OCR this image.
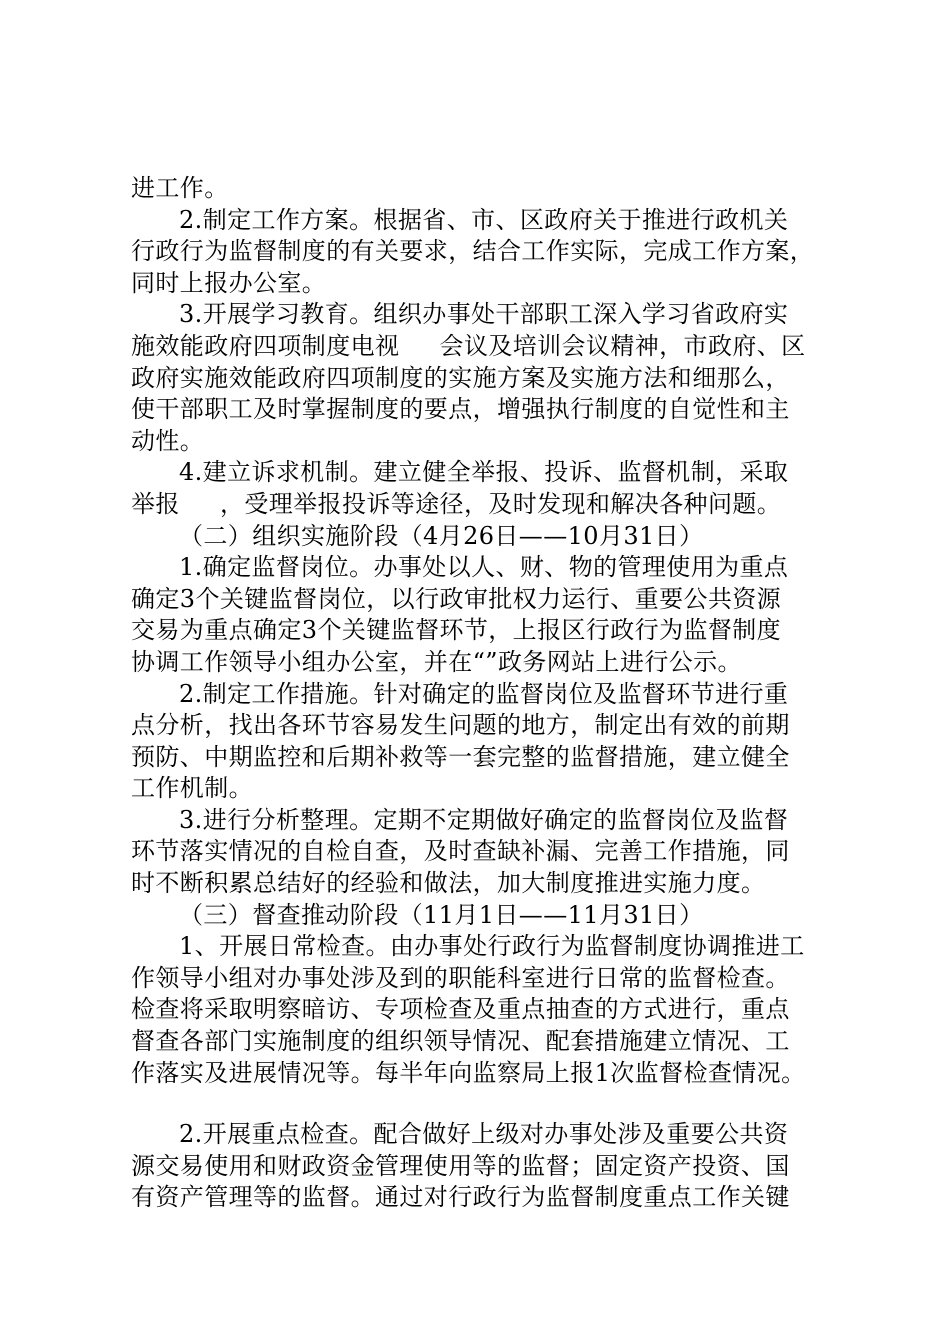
进工作。
2.制定工作方案。根据省、市、区政府关于推进行政机关
行政行为监督制度的有关要求，结合工作实际，完成工作方案，
同时上报办公室。
3.开展学习教育。组织办事处干部职工深入学习省政府实
施效能政府四项制度电视     会议及培训会议精神，市政府、区
政府实施效能政府四项制度的实施方案及实施方法和细那么，
使干部职工及时掌握制度的要点，增强执行制度的自觉性和主
动性。
4.建立诉求机制。建立健全举报、投诉、监督机制，采取
举报     ，受理举报投诉等途径，及时发现和解决各种问题。
（二）组织实施阶段（4月26日——10月31日）
1.确定监督岗位。办事处以人、财、物的管理使用为重点
确定3个关键监督岗位，以行政审批权力运行、重要公共资源
交易为重点确定3个关键监督环节，上报区行政行为监督制度
协调工作领导小组办公室，并在“”政务网站上进行公示。
2.制定工作措施。针对确定的监督岗位及监督环节进行重
点分析，找出各环节容易发生问题的地方，制定出有效的前期
预防、中期监控和后期补救等一套完整的监督措施，建立健全
工作机制。
3.进行分析整理。定期不定期做好确定的监督岗位及监督
环节落实情况的自检自查，及时查缺补漏、完善工作措施，同
时不断积累总结好的经验和做法，加大制度推进实施力度。
（三）督查推动阶段（11月1日——11月31日）
1、开展日常检查。由办事处行政行为监督制度协调推进工
作领导小组对办事处涉及到的职能科室进行日常的监督检查。
检查将采取明察暗访、专项检查及重点抽查的方式进行，重点
督查各部门实施制度的组织领导情况、配套措施建立情况、工
作落实及进展情况等。每半年向监察局上报1次监督检查情况。
2.开展重点检查。配合做好上级对办事处涉及重要公共资
源交易使用和财政资金管理使用等的监督；固定资产投资、国
有资产管理等的监督。通过对行政行为监督制度重点工作关键
